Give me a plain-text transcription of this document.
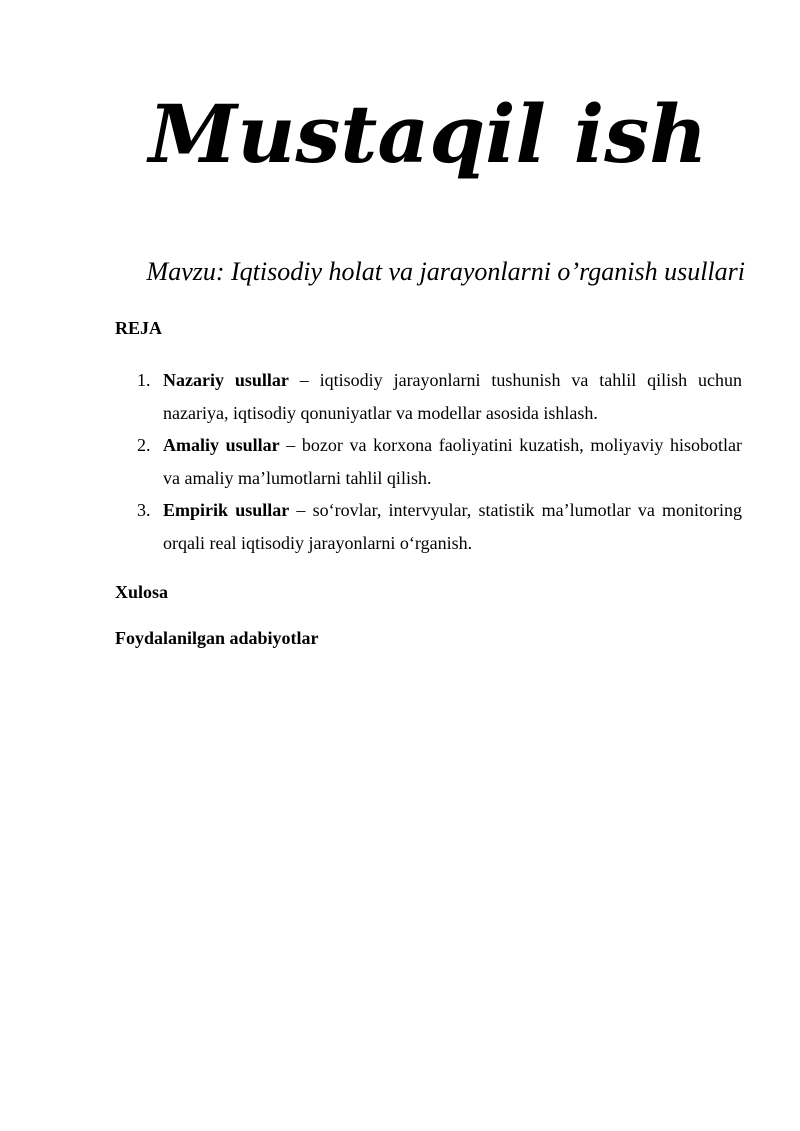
Mustaqil ish

Mavzu: Iqtisodiy holat va jarayonlarni o’rganish usullari

REJA

1. Nazariy usullar – iqtisodiy jarayonlarni tushunish va tahlil qilish uchun nazariya, iqtisodiy qonuniyatlar va modellar asosida ishlash.
2. Amaliy usullar – bozor va korxona faoliyatini kuzatish, moliyaviy hisobotlar va amaliy ma’lumotlarni tahlil qilish.
3. Empirik usullar – so‘rovlar, intervyular, statistik ma’lumotlar va monitoring orqali real iqtisodiy jarayonlarni o‘rganish.

Xulosa

Foydalanilgan adabiyotlar
